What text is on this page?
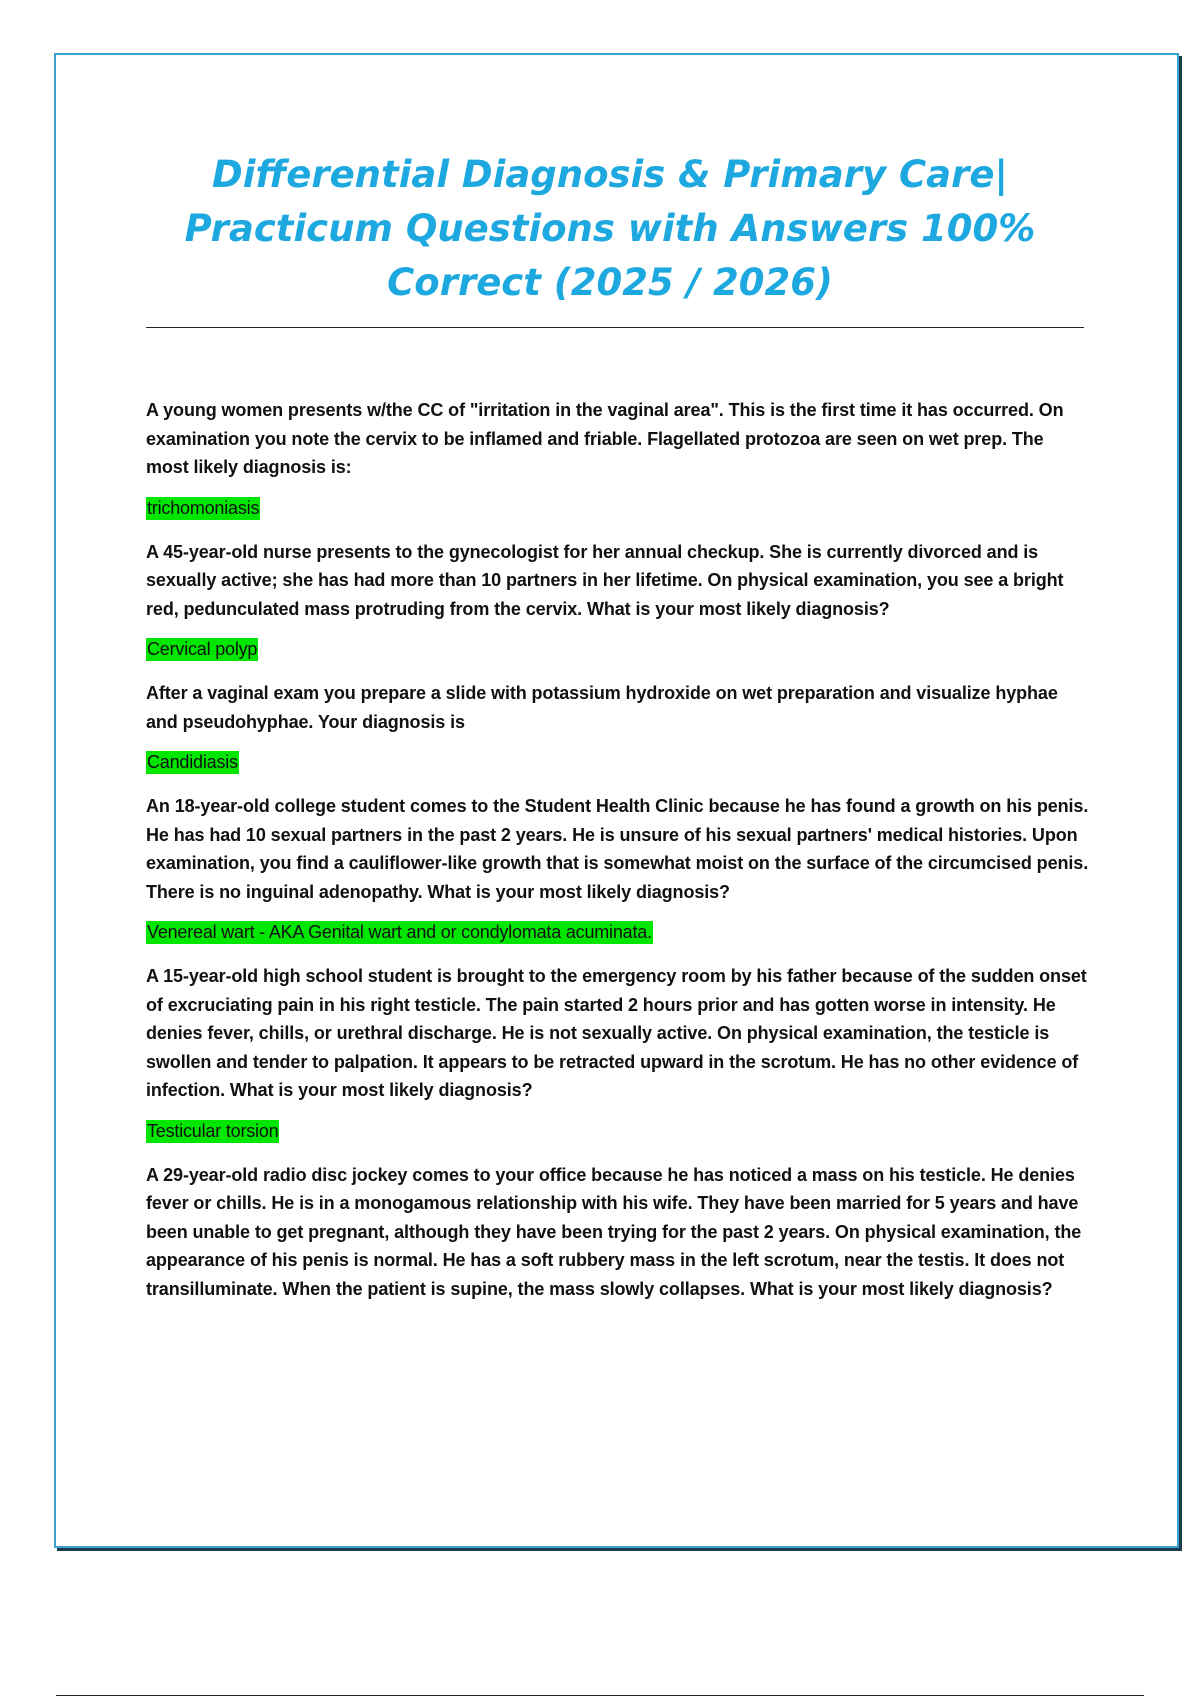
Differential Diagnosis & Primary Care| Practicum Questions with Answers 100% Correct (2025 / 2026)

A young women presents w/the CC of "irritation in the vaginal area". This is the first time it has occurred. On examination you note the cervix to be inflamed and friable. Flagellated protozoa are seen on wet prep. The most likely diagnosis is:

trichomoniasis

A 45-year-old nurse presents to the gynecologist for her annual checkup. She is currently divorced and is sexually active; she has had more than 10 partners in her lifetime. On physical examination, you see a bright red, pedunculated mass protruding from the cervix. What is your most likely diagnosis?

Cervical polyp

After a vaginal exam you prepare a slide with potassium hydroxide on wet preparation and visualize hyphae and pseudohyphae. Your diagnosis is

Candidiasis

An 18-year-old college student comes to the Student Health Clinic because he has found a growth on his penis. He has had 10 sexual partners in the past 2 years. He is unsure of his sexual partners' medical histories. Upon examination, you find a cauliflower-like growth that is somewhat moist on the surface of the circumcised penis. There is no inguinal adenopathy. What is your most likely diagnosis?

Venereal wart - AKA Genital wart and or condylomata acuminata.

A 15-year-old high school student is brought to the emergency room by his father because of the sudden onset of excruciating pain in his right testicle. The pain started 2 hours prior and has gotten worse in intensity. He denies fever, chills, or urethral discharge. He is not sexually active. On physical examination, the testicle is swollen and tender to palpation. It appears to be retracted upward in the scrotum. He has no other evidence of infection. What is your most likely diagnosis?

Testicular torsion

A 29-year-old radio disc jockey comes to your office because he has noticed a mass on his testicle. He denies fever or chills. He is in a monogamous relationship with his wife. They have been married for 5 years and have been unable to get pregnant, although they have been trying for the past 2 years. On physical examination, the appearance of his penis is normal. He has a soft rubbery mass in the left scrotum, near the testis. It does not transilluminate. When the patient is supine, the mass slowly collapses. What is your most likely diagnosis?
